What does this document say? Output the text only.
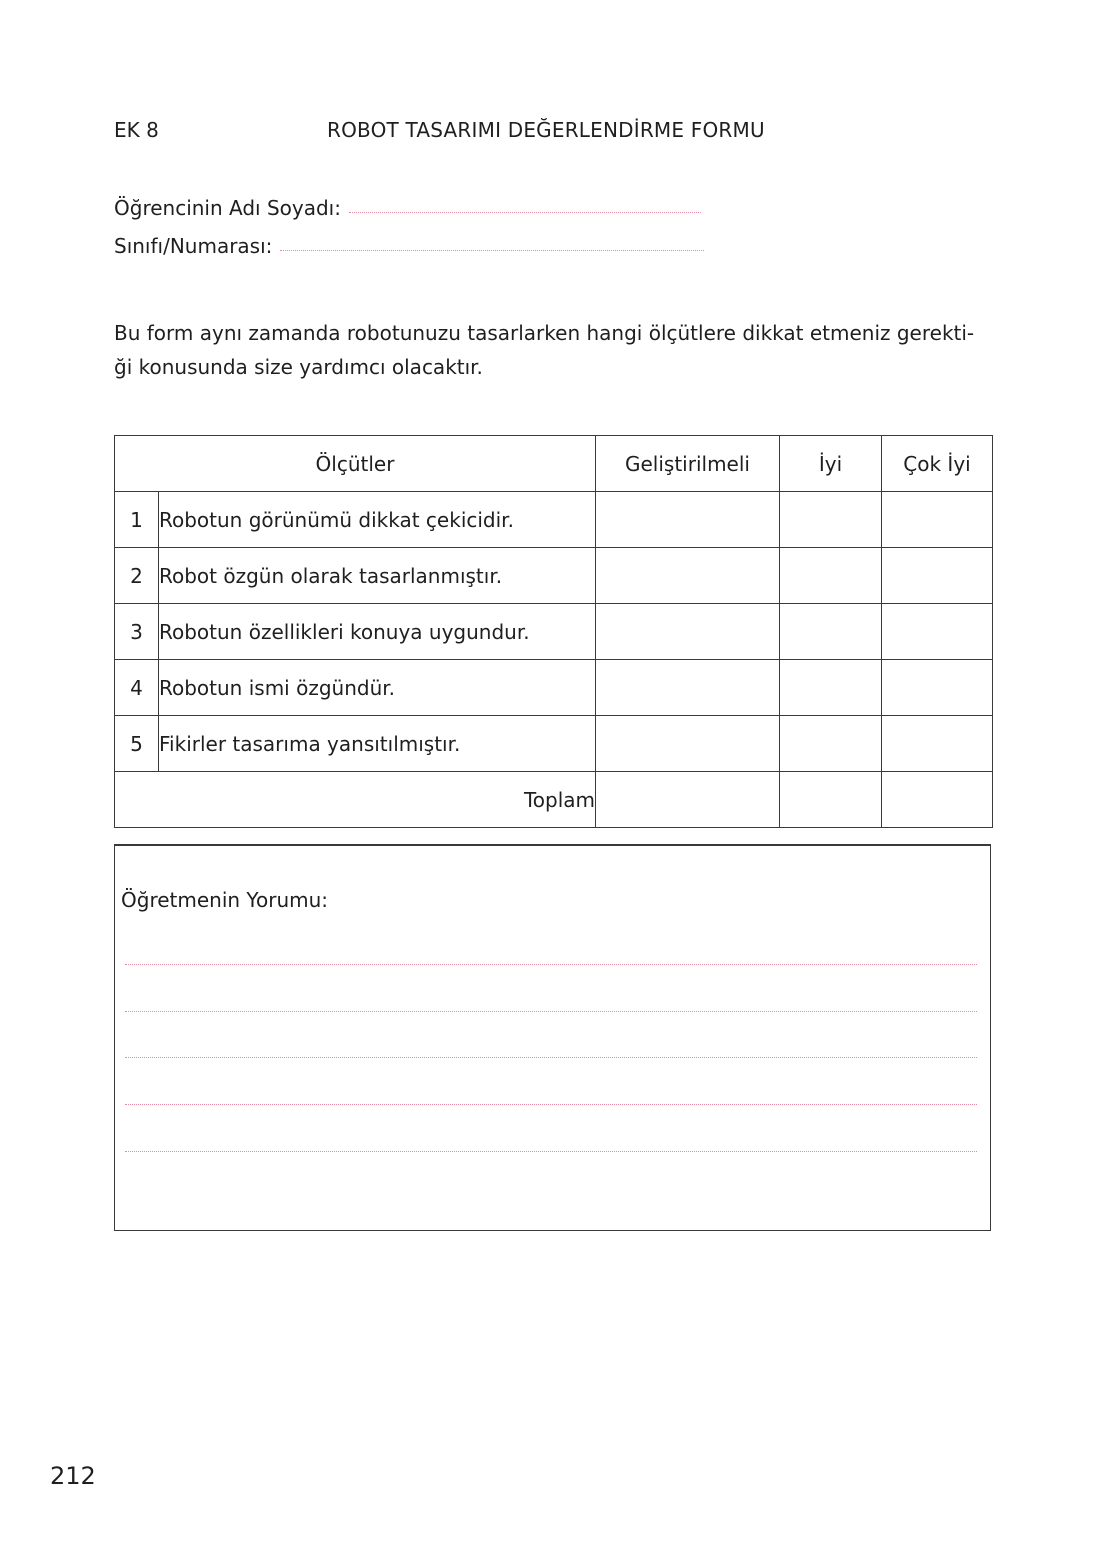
EK 8	ROBOT TASARIMI DEĞERLENDİRME FORMU
Öğrencinin Adı Soyadı:
Sınıfı/Numarası:

Bu form aynı zamanda robotunuzu tasarlarken hangi ölçütlere dikkat etmeniz gerekti-

ği konusunda size yardımcı olacaktır.

Ölçütler		Geliştirilmeli	İyi	Çok İyi
1	Robotun görünümü dikkat çekicidir.			
2	Robot özgün olarak tasarlanmıştır.			
3	Robotun özellikleri konuya uygundur.			
4	Robotun ismi özgündür.			
5	Fikirler tasarıma yansıtılmıştır.			
Toplam				
Öğretmenin Yorumu:
212
